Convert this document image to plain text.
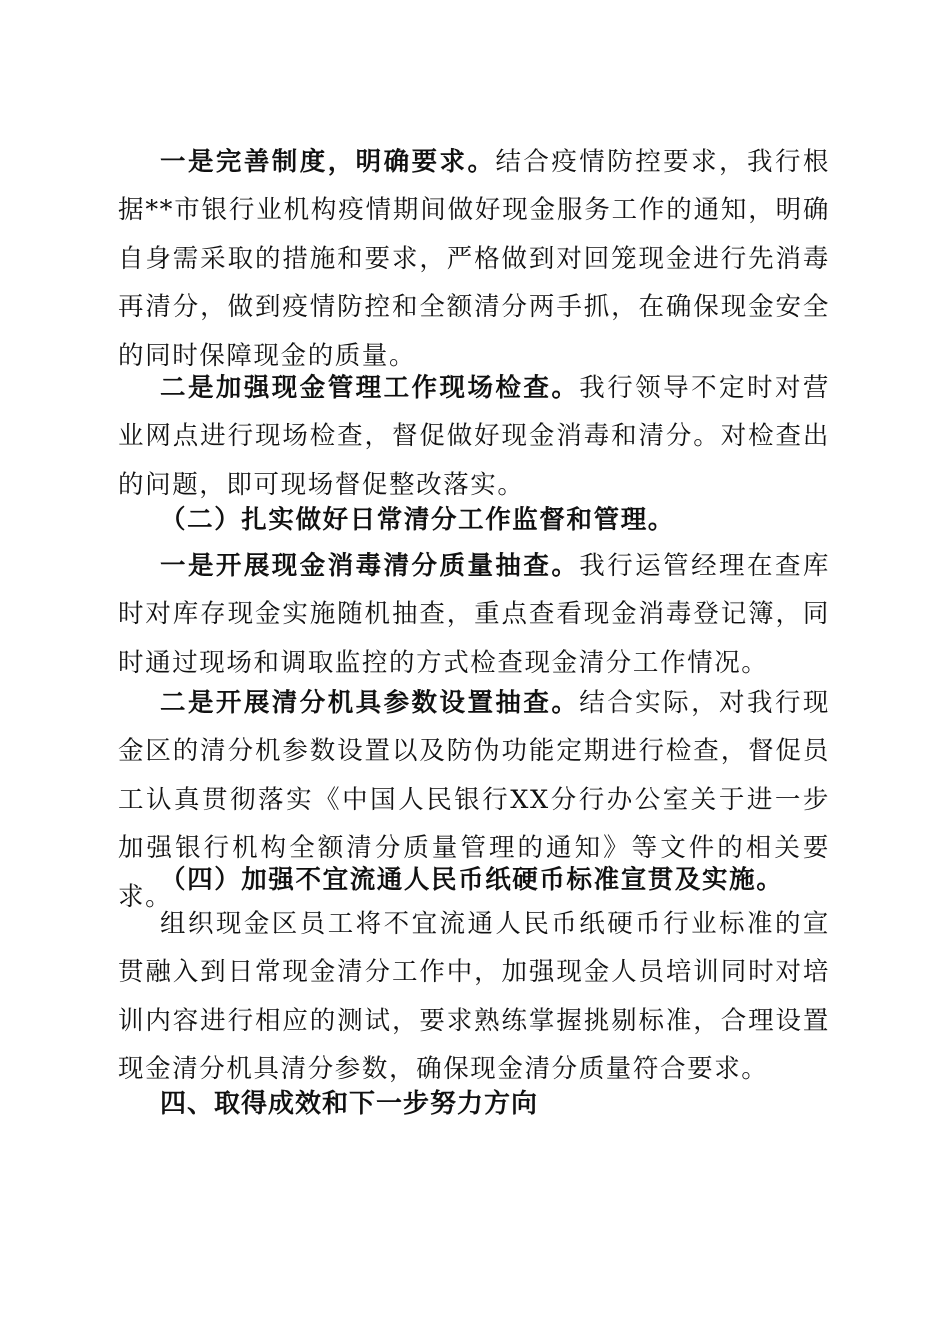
一是完善制度，明确要求。结合疫情防控要求，我行根据**市银行业机构疫情期间做好现金服务工作的通知，明确自身需采取的措施和要求，严格做到对回笼现金进行先消毒再清分，做到疫情防控和全额清分两手抓，在确保现金安全的同时保障现金的质量。

二是加强现金管理工作现场检查。我行领导不定时对营业网点进行现场检查，督促做好现金消毒和清分。对检查出的问题，即可现场督促整改落实。

（二）扎实做好日常清分工作监督和管理。

一是开展现金消毒清分质量抽查。我行运管经理在查库时对库存现金实施随机抽查，重点查看现金消毒登记簿，同时通过现场和调取监控的方式检查现金清分工作情况。

二是开展清分机具参数设置抽查。结合实际，对我行现金区的清分机参数设置以及防伪功能定期进行检查，督促员工认真贯彻落实《中国人民银行XX分行办公室关于进一步加强银行机构全额清分质量管理的通知》等文件的相关要求。

（四）加强不宜流通人民币纸硬币标准宣贯及实施。

组织现金区员工将不宜流通人民币纸硬币行业标准的宣贯融入到日常现金清分工作中，加强现金人员培训同时对培训内容进行相应的测试，要求熟练掌握挑剔标准，合理设置现金清分机具清分参数，确保现金清分质量符合要求。

四、取得成效和下一步努力方向
